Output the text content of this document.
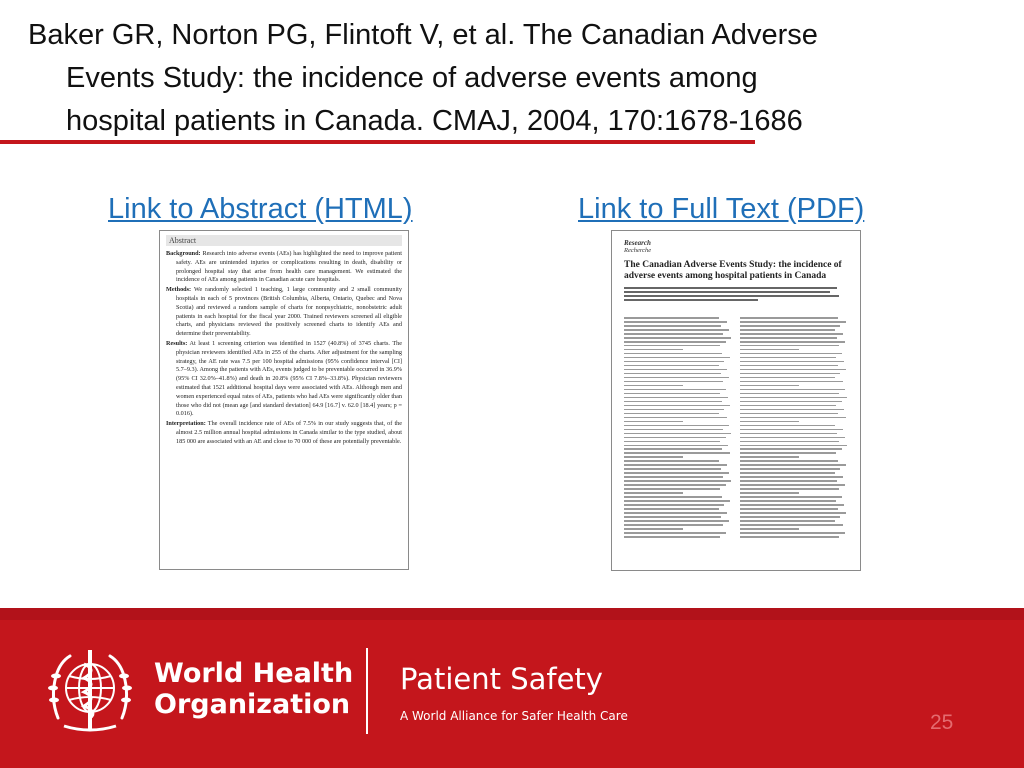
Baker GR, Norton PG, Flintoft V, et al. The Canadian Adverse
Events Study: the incidence of adverse events among
hospital patients in Canada. CMAJ, 2004, 170:1678-1686
Link to Abstract (HTML)	Link to Full Text (PDF)
Abstract

Background: Research into adverse events (AEs) has highlighted the need to improve patient safety. AEs are unintended injuries or complications resulting in death, disability or prolonged hospital stay that arise from health care management. We estimated the incidence of AEs among patients in Canadian acute care hospitals.

Methods: We randomly selected 1 teaching, 1 large community and 2 small community hospitals in each of 5 provinces (British Columbia, Alberta, Ontario, Quebec and Nova Scotia) and reviewed a random sample of charts for nonpsychiatric, nonobstetric adult patients in each hospital for the fiscal year 2000. Trained reviewers screened all eligible charts, and physicians reviewed the positively screened charts to identify AEs and determine their preventability.

Results: At least 1 screening criterion was identified in 1527 (40.8%) of 3745 charts. The physician reviewers identified AEs in 255 of the charts. After adjustment for the sampling strategy, the AE rate was 7.5 per 100 hospital admissions (95% confidence interval [CI] 5.7–9.3). Among the patients with AEs, events judged to be preventable occurred in 36.9% (95% CI 32.0%–41.8%) and death in 20.8% (95% CI 7.8%–33.8%). Physician reviewers estimated that 1521 additional hospital days were associated with AEs. Although men and women experienced equal rates of AEs, patients who had AEs were significantly older than those who did not (mean age [and standard deviation] 64.9 [16.7] v. 62.0 [18.4] years; p = 0.016).

Interpretation: The overall incidence rate of AEs of 7.5% in our study suggests that, of the almost 2.5 million annual hospital admissions in Canada similar to the type studied, about 185 000 are associated with an AE and close to 70 000 of these are potentially preventable.

Research
Recherche
The Canadian Adverse Events Study: the incidence of adverse events among hospital patients in Canada
World Health
Organization
Patient Safety
A World Alliance for Safer Health Care	25
